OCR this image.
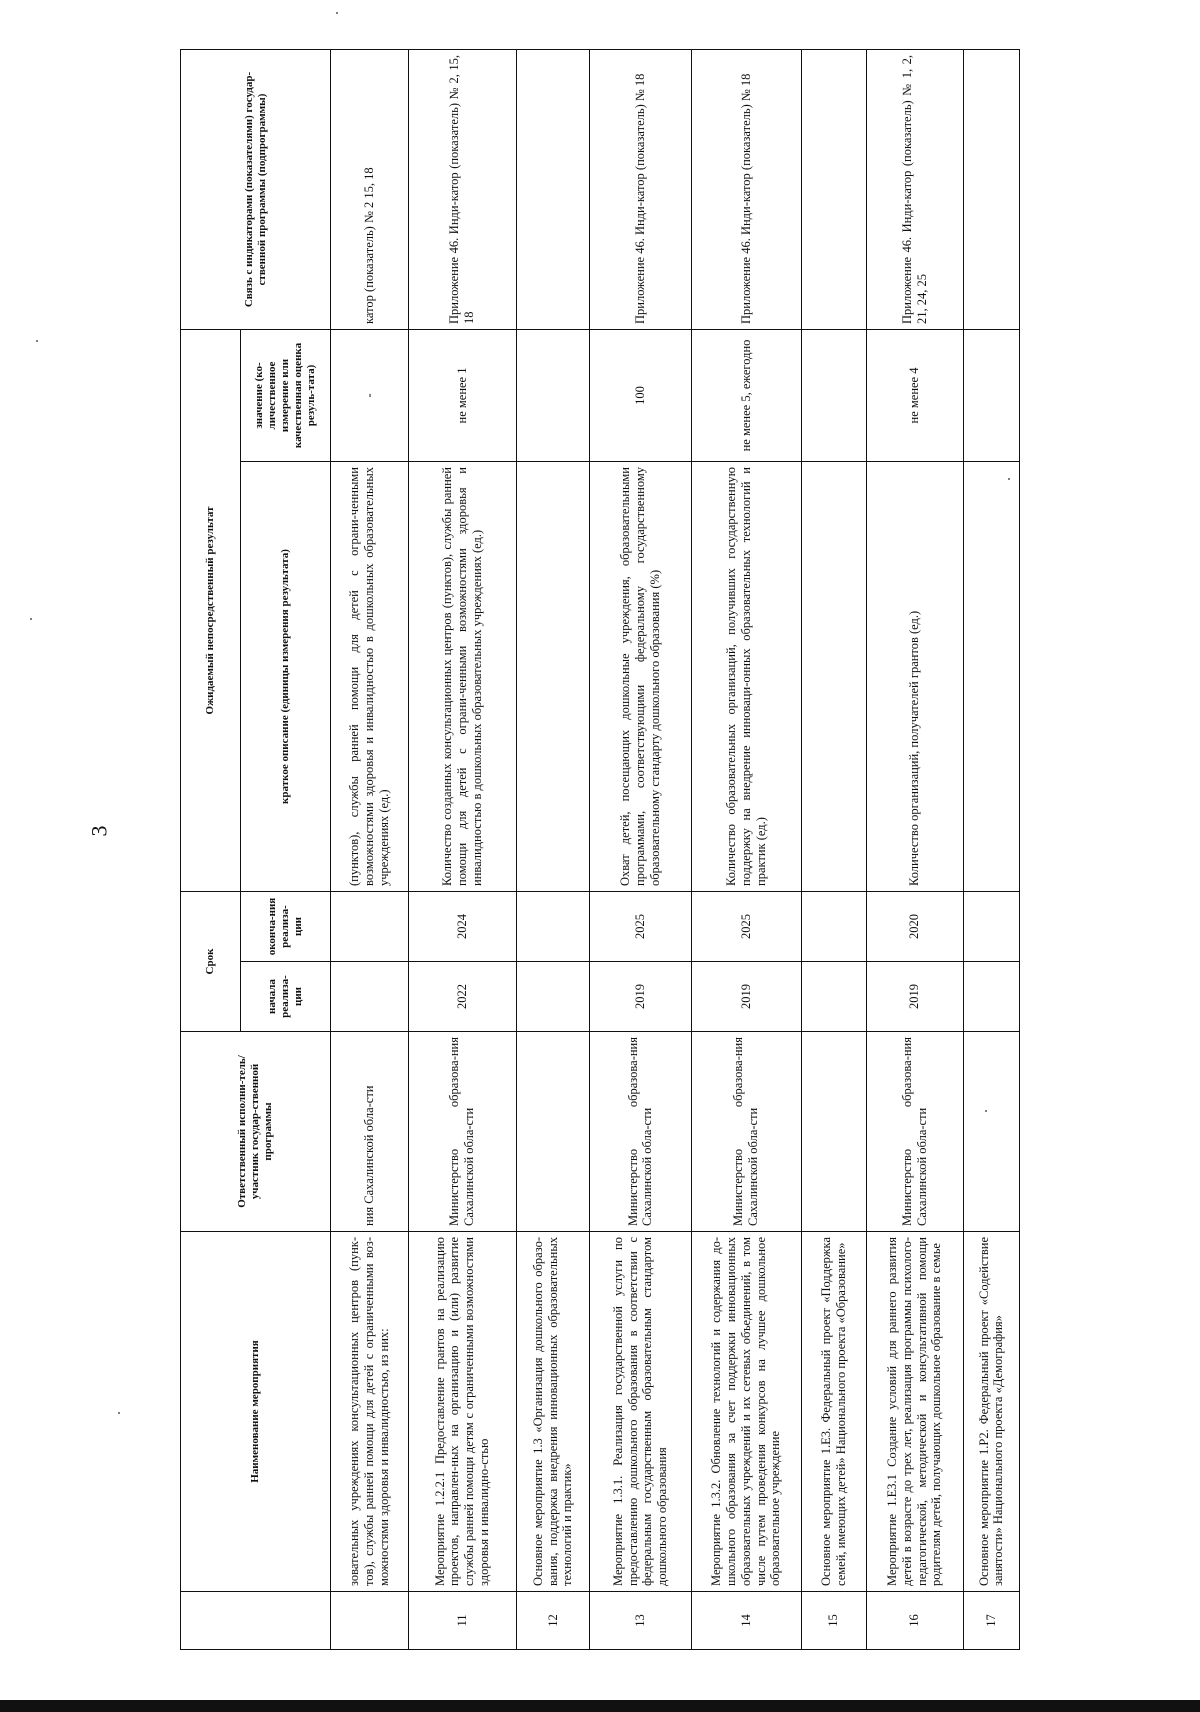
3
	Наименование мероприятия	Ответственный исполни-тель/участник государ-ственной программы	Срок		Ожидаемый непосредственный результат		Связь с индикаторами (показателями) государ-ственной программы (подпрограммы)
			начала реализа-ции	оконча-ния реализа-ции	краткое описание (единицы измерения результата)	значение (ко-личественное измерение или качественная оценка резуль-тата)	
	зовательных учреждениях консультационных центров (пунк-тов), службы ранней помощи для детей с ограниченными воз-можностями здоровья и инвалидностью, из них:	ния Сахалинской обла-сти			(пунктов), службы ранней помощи для детей с ограни-ченными возможностями здоровья и инвалидностью в дошкольных образовательных учреждениях (ед.)	-	катор (показатель) № 2 15, 18
11	Мероприятие 1.2.2.1 Предоставление грантов на реализацию проектов, направлен-ных на организацию и (или) развитие службы ранней помощи детям с ограниченными возможностями здоровья и инвалидно-стью	Министерство образова-ния Сахалинской обла-сти	2022	2024	Количество созданных консультационных центров (пунктов), службы ранней помощи для детей с ограни-ченными возможностями здоровья и инвалидностью в дошкольных образовательных учреждениях (ед.)	не менее 1	Приложение 46. Инди-катор (показатель) № 2, 15, 18
12	Основное мероприятие 1.3 «Организация дошкольного образо-вания, поддержка внедрения инновационных образовательных технологий и практик»						
13	Мероприятие 1.3.1. Реализация государственной услуги по предоставлению дошкольного образования в соответствии с федеральным государственным образовательным стандартом дошкольного образования	Министерство образова-ния Сахалинской обла-сти	2019	2025	Охват детей, посещающих дошкольные учреждения, образовательными программами, соответствующими федеральному государственному образовательному стандарту дошкольного образования (%)	100	Приложение 46. Инди-катор (показатель) № 18
14	Мероприятие 1.3.2. Обновление технологий и содержания до-школьного образования за счет поддержки инновационных образовательных учреждений и их сетевых объединений, в том числе путем проведения конкурсов на лучшее дошкольное образовательное учреждение	Министерство образова-ния Сахалинской обла-сти	2019	2025	Количество образовательных организаций, получивших государственную поддержку на внедрение инноваци-онных образовательных технологий и практик (ед.)	не менее 5, ежегодно	Приложение 46. Инди-катор (показатель) № 18
15	Основное мероприятие 1.Е3. Федеральный проект «Поддержка семей, имеющих детей» Национального проекта «Образование»						
16	Мероприятие 1.Е3.1 Создание условий для раннего развития детей в возрасте до трех лет, реализация программы психолого-педагогической, методической и консультативной помощи родителям детей, получающих дошкольное образование в семье	Министерство образова-ния Сахалинской обла-сти	2019	2020	Количество организаций, получателей грантов (ед.)	не менее 4	Приложение 46. Инди-катор (показатель) № 1, 2, 21, 24, 25
17	Основное мероприятие 1.Р2. Федеральный проект «Содействие занятости» Национального проекта «Демография»						
